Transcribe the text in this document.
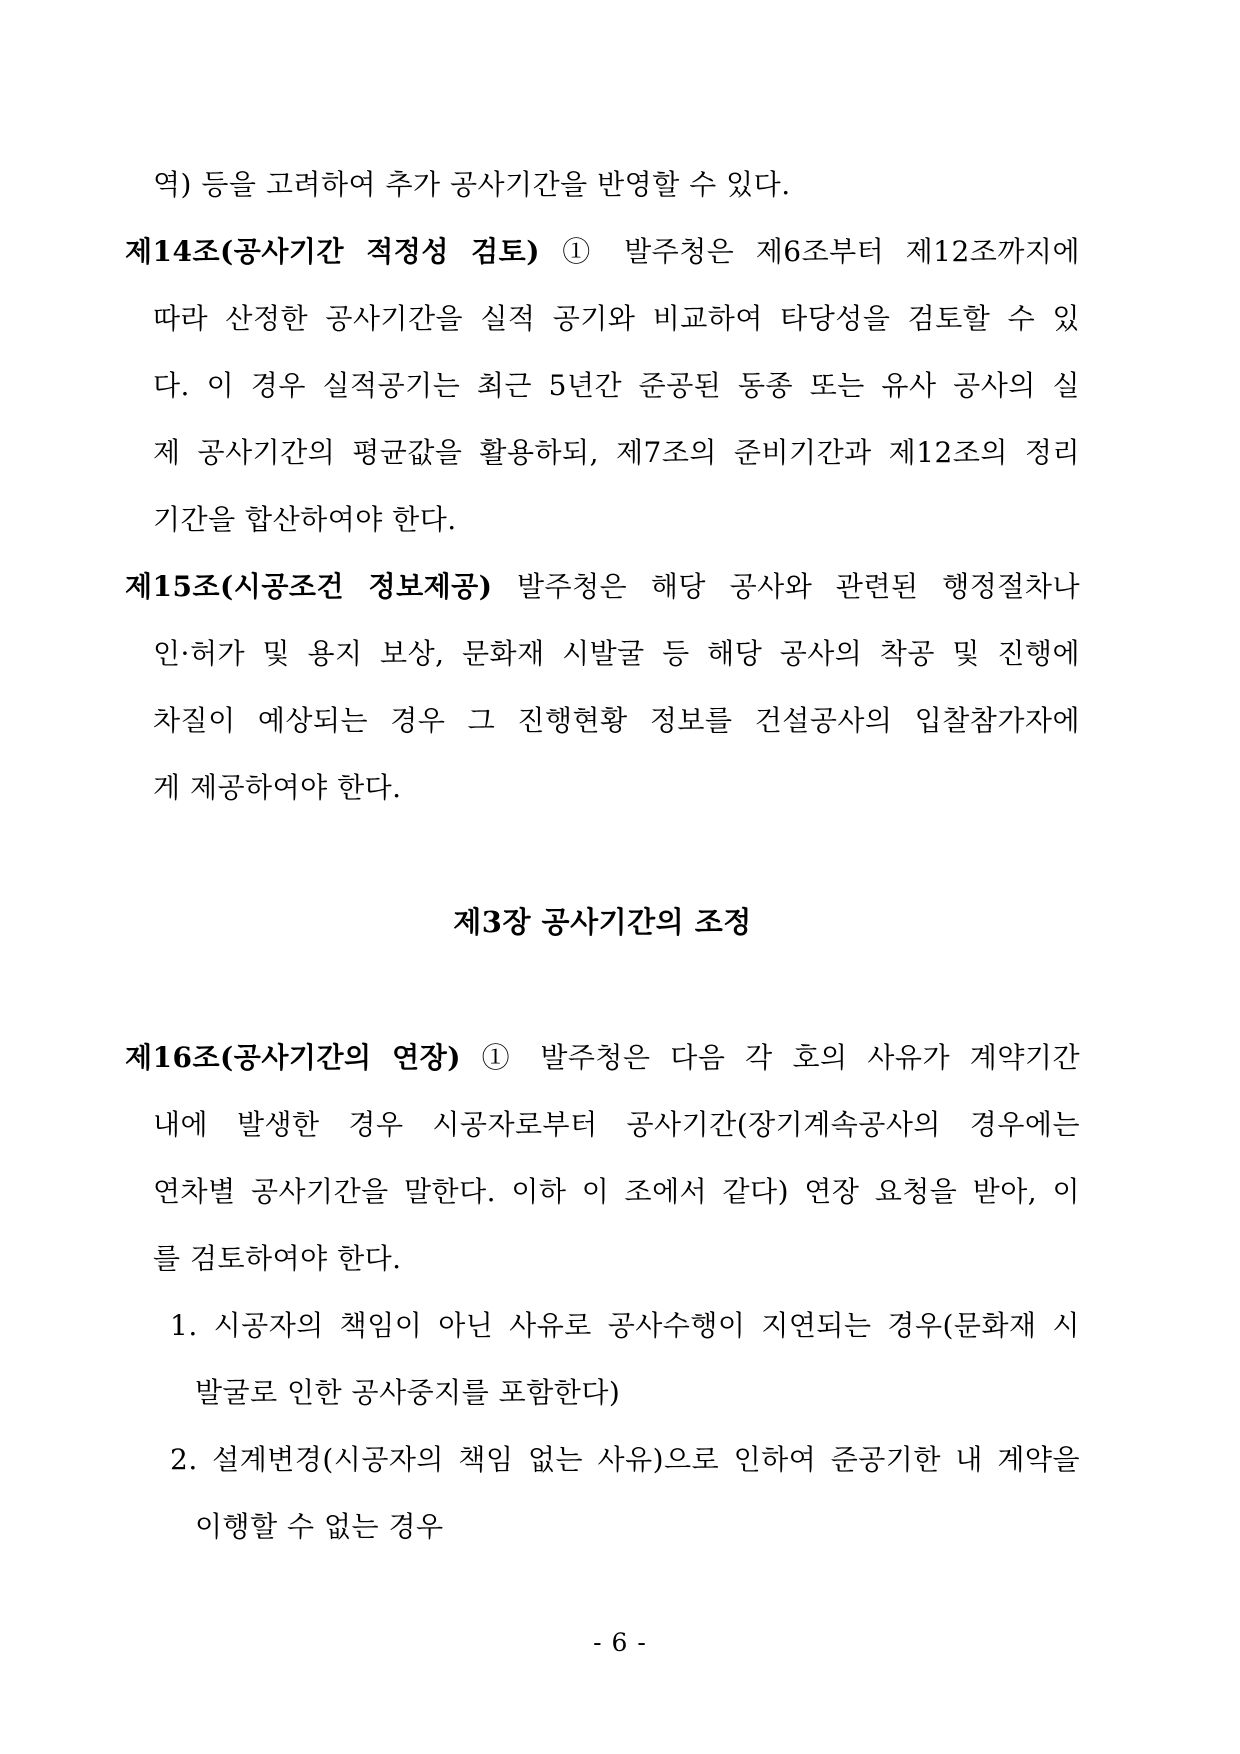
역) 등을 고려하여 추가 공사기간을 반영할 수 있다.
제14조(공사기간 적정성 검토) ① 발주청은 제6조부터 제12조까지에
따라 산정한 공사기간을 실적 공기와 비교하여 타당성을 검토할 수 있
다. 이 경우 실적공기는 최근 5년간 준공된 동종 또는 유사 공사의 실
제 공사기간의 평균값을 활용하되, 제7조의 준비기간과 제12조의 정리
기간을 합산하여야 한다.
제15조(시공조건 정보제공) 발주청은 해당 공사와 관련된 행정절차나
인·허가 및 용지 보상, 문화재 시발굴 등 해당 공사의 착공 및 진행에
차질이 예상되는 경우 그 진행현황 정보를 건설공사의 입찰참가자에
게 제공하여야 한다.
제3장 공사기간의 조정
제16조(공사기간의 연장) ① 발주청은 다음 각 호의 사유가 계약기간
내에 발생한 경우 시공자로부터 공사기간(장기계속공사의 경우에는
연차별 공사기간을 말한다. 이하 이 조에서 같다) 연장 요청을 받아, 이
를 검토하여야 한다.
1. 시공자의 책임이 아닌 사유로 공사수행이 지연되는 경우(문화재 시
발굴로 인한 공사중지를 포함한다)
2. 설계변경(시공자의 책임 없는 사유)으로 인하여 준공기한 내 계약을
이행할 수 없는 경우
- 6 -
